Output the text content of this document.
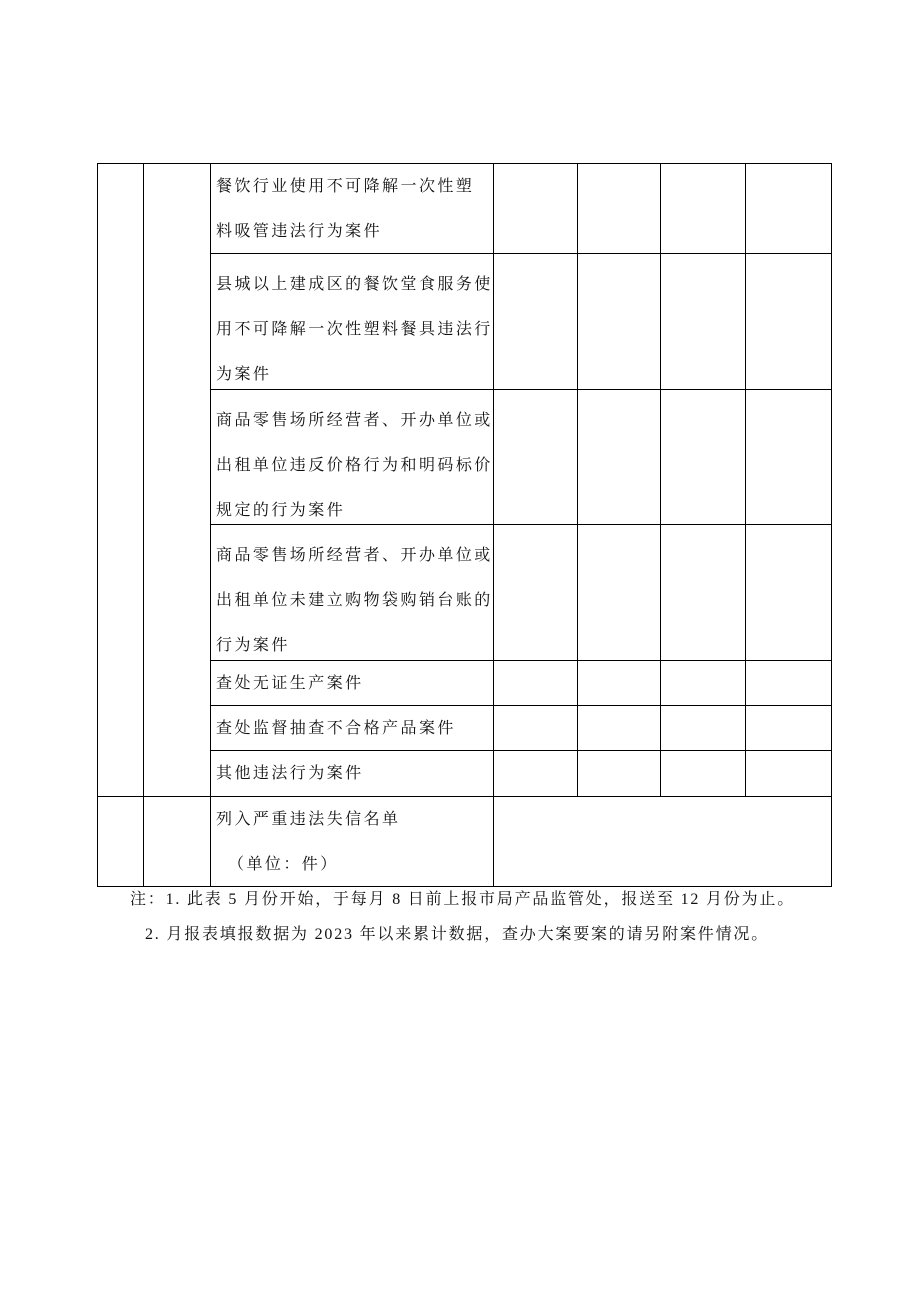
餐饮行业使用不可降解一次性塑
料吸管违法行为案件
县城以上建成区的餐饮堂食服务使
用不可降解一次性塑料餐具违法行
为案件
商品零售场所经营者、开办单位或
出租单位违反价格行为和明码标价
规定的行为案件
商品零售场所经营者、开办单位或
出租单位未建立购物袋购销台账的
行为案件
查处无证生产案件
查处监督抽查不合格产品案件
其他违法行为案件
列入严重违法失信名单
（单位：件）
注：1. 此表 5 月份开始，于每月 8 日前上报市局产品监管处，报送至 12 月份为止。
2. 月报表填报数据为 2023 年以来累计数据，查办大案要案的请另附案件情况。
